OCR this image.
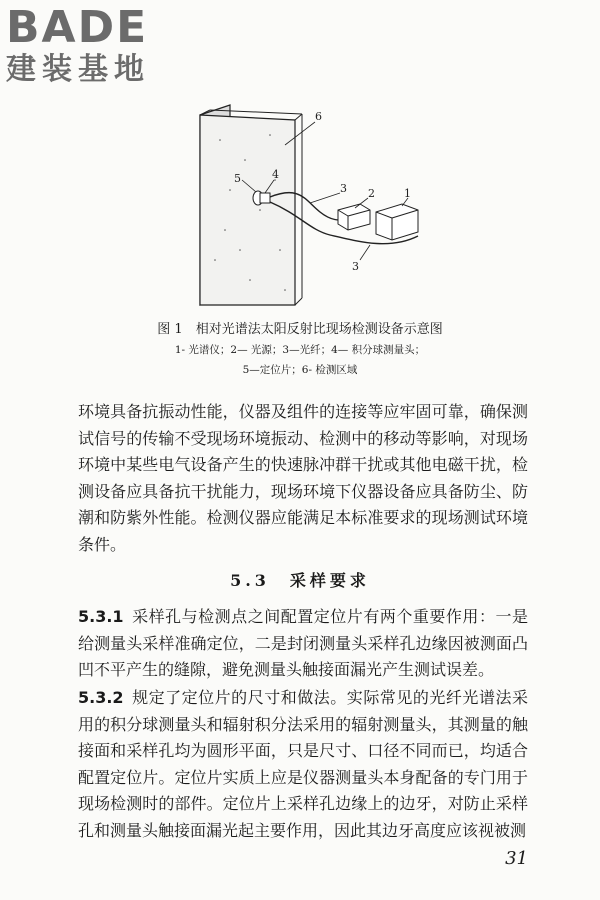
BADE
建装基地
6
4
5
3 2	1
3
图 1　相对光谱法太阳反射比现场检测设备示意图
1- 光谱仪；2— 光源；3—光纤；4— 积分球测量头；
5—定位片；6- 检测区域
环境具备抗振动性能，仪器及组件的连接等应牢固可靠，确保测试信号的传输不受现场环境振动、检测中的移动等影响，对现场环境中某些电气设备产生的快速脉冲群干扰或其他电磁干扰，检测设备应具备抗干扰能力，现场环境下仪器设备应具备防尘、防潮和防紫外性能。检测仪器应能满足本标准要求的现场测试环境条件。
5.3　采样要求
5.3.1 采样孔与检测点之间配置定位片有两个重要作用：一是给测量头采样准确定位，二是封闭测量头采样孔边缘因被测面凸凹不平产生的缝隙，避免测量头触接面漏光产生测试误差。
5.3.2 规定了定位片的尺寸和做法。实际常见的光纤光谱法采用的积分球测量头和辐射积分法采用的辐射测量头，其测量的触接面和采样孔均为圆形平面，只是尺寸、口径不同而已，均适合配置定位片。定位片实质上应是仪器测量头本身配备的专门用于现场检测时的部件。定位片上采样孔边缘上的边牙，对防止采样孔和测量头触接面漏光起主要作用，因此其边牙高度应该视被测
31
